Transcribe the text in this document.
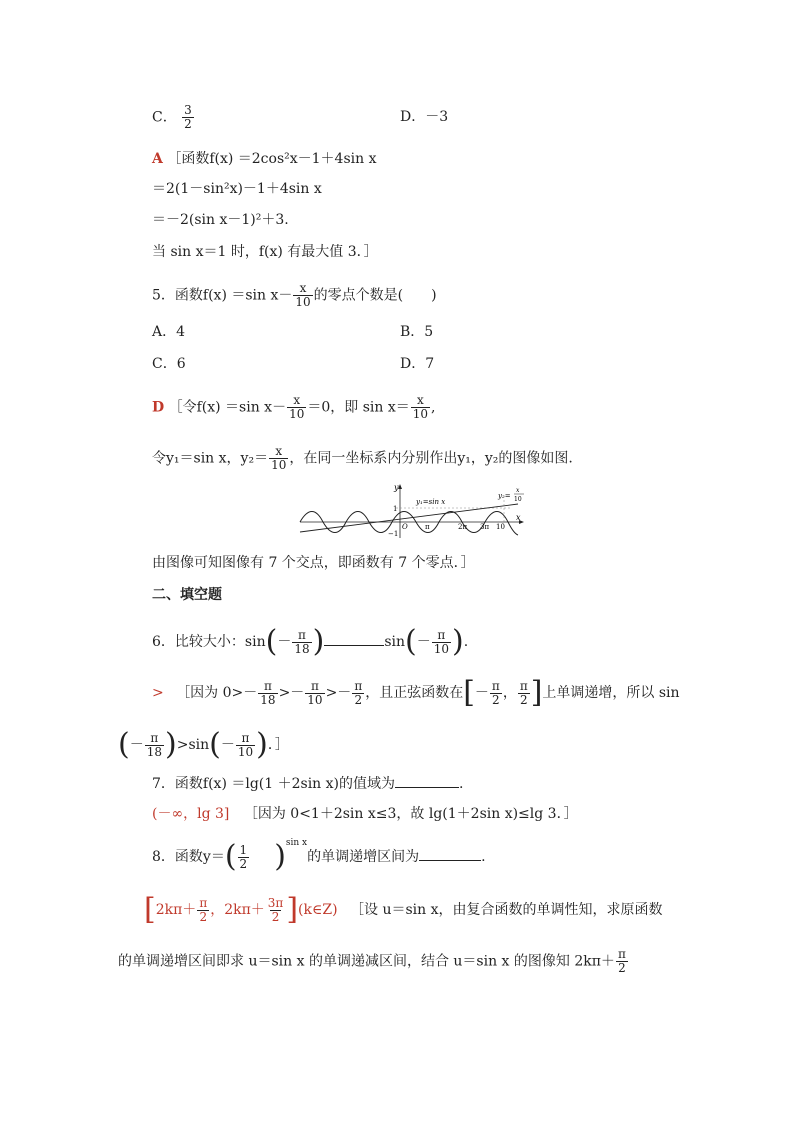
C． $\frac{3}{2}$	D．－3
A ［函数f(x) ＝2cos²x－1＋4sin x
＝2(1－sin²x)－1＋4sin x
＝－2(sin x－1)²＋3.
当 sin x＝1 时，f(x) 有最大值 3．］
5．函数f(x) ＝sin $x- \frac{x}{10}$ 的零点个数是(　　)
A．4	B．5
C．6	D．7
D ［令f(x) ＝sin $x- \frac{x}{10} =0$，即 $\sin x= \frac{x}{10}$ ,
令y₁＝sin x，$y_2= \frac{x}{10}$ ，在同一坐标系内分别作出y₁，y₂的图像如图.
y
x
1
−1
O π	2π 3π 10
y₁=sin x
y₂=
x
10
由图像可知图像有 7 个交点，即函数有 7 个零点．］
二、填空题
6．比较大小：$\sin(- \frac{\pi}{18}$ )	$\sin(- \frac{\pi}{10}$ ).
> ［因为 $0>- \frac{\pi}{18} >- \frac{\pi}{10} >- \frac{\pi}{2}$ ，且正弦函数在[－ $\frac{\pi}{2}$ ， $\frac{\pi}{2}$ ]上单调递增，所以 sin
(－ $\frac{\pi}{18} )>\sin(- \frac{\pi}{10}$ )．］
7．函数f(x) ＝lg(1 ＋2sin x)的值域为	.
(－∞，lg 3] ［因为 0<1＋2sin x≤3，故 lg(1＋2sin x)≤lg 3．］
8．函数$y=( \frac{1}{2} )^{sin x}$的单调递增区间为	.
[$2k\pi+ \frac{\pi}{2}$ ，$2k\pi+ \frac{3\pi}{2}$ ](k∈Z) ［设 u＝sin x，由复合函数的单调性知，求原函数
的单调递增区间即求 u＝sin x 的单调递减区间，结合 u＝sin x 的图像知 $2k\pi+ \frac{\pi}{2}$
